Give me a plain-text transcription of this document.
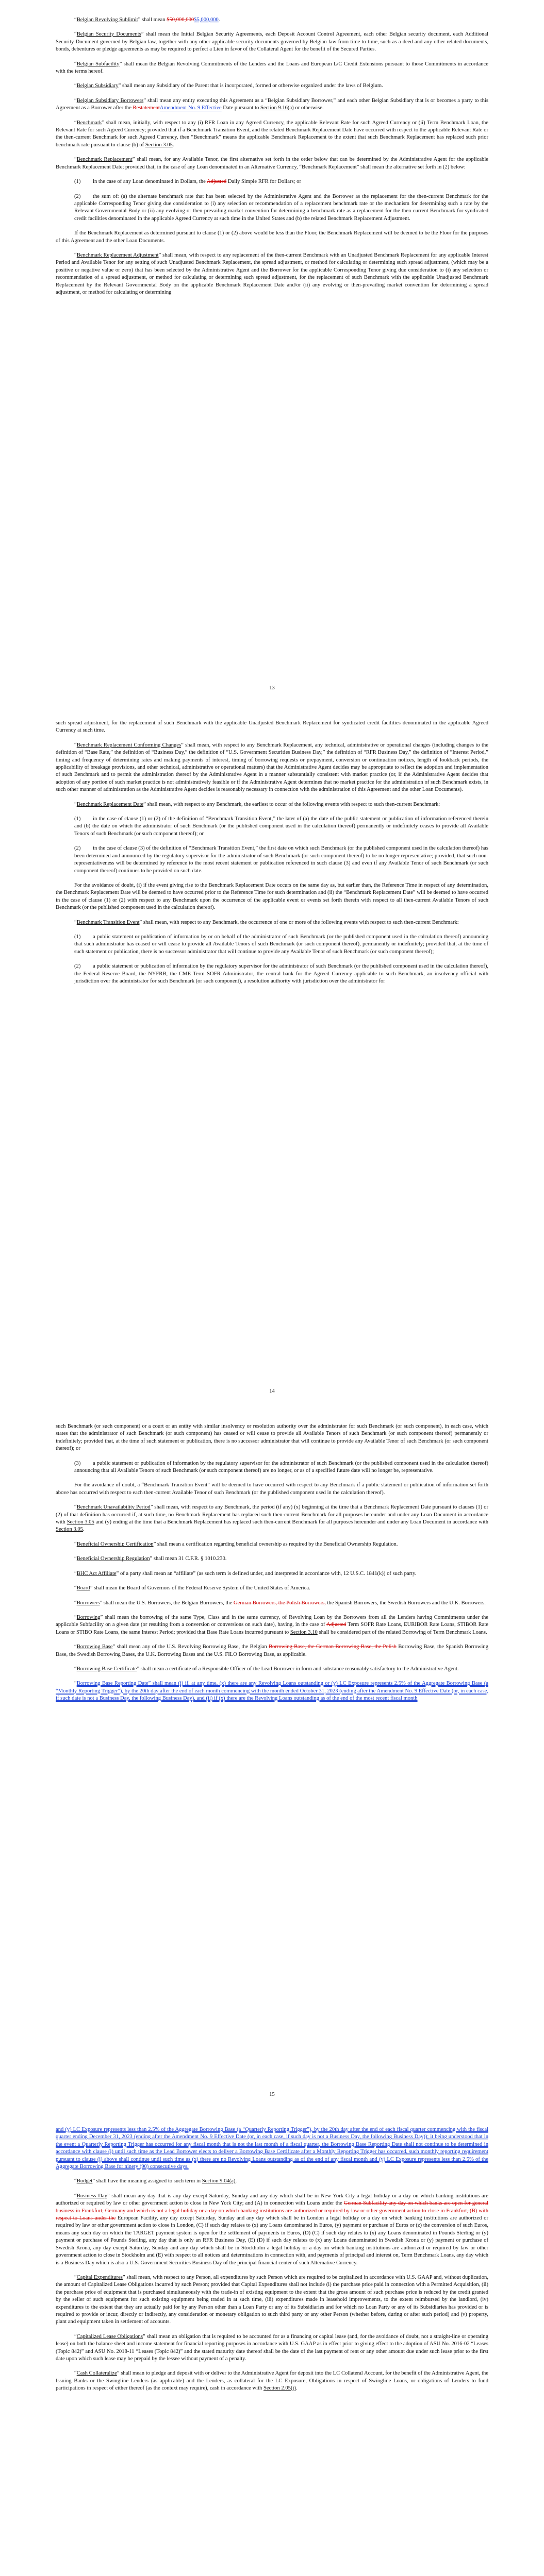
“Belgian Revolving Sublimit” shall mean $50,000,000$5,000,000.

“Belgian Security Documents” shall mean the Initial Belgian Security Agreements, each Deposit Account Control Agreement, each other Belgian security document, each Additional Security Document governed by Belgian law, together with any other applicable security documents governed by Belgian law from time to time, such as a deed and any other related documents, bonds, debentures or pledge agreements as may be required to perfect a Lien in favor of the Collateral Agent for the benefit of the Secured Parties.

“Belgian Subfacility” shall mean the Belgian Revolving Commitments of the Lenders and the Loans and European L/C Credit Extensions pursuant to those Commitments in accordance with the terms hereof.

“Belgian Subsidiary” shall mean any Subsidiary of the Parent that is incorporated, formed or otherwise organized under the laws of Belgium.

“Belgian Subsidiary Borrowers” shall mean any entity executing this Agreement as a “Belgian Subsidiary Borrower,” and each other Belgian Subsidiary that is or becomes a party to this Agreement as a Borrower after the RestatementAmendment No. 9 Effective Date pursuant to Section 9.16(a) or otherwise.

“Benchmark” shall mean, initially, with respect to any (i) RFR Loan in any Agreed Currency, the applicable Relevant Rate for such Agreed Currency or (ii) Term Benchmark Loan, the Relevant Rate for such Agreed Currency; provided that if a Benchmark Transition Event, and the related Benchmark Replacement Date have occurred with respect to the applicable Relevant Rate or the then-current Benchmark for such Agreed Currency, then “Benchmark” means the applicable Benchmark Replacement to the extent that such Benchmark Replacement has replaced such prior benchmark rate pursuant to clause (b) of Section 3.05.

“Benchmark Replacement” shall mean, for any Available Tenor, the first alternative set forth in the order below that can be determined by the Administrative Agent for the applicable Benchmark Replacement Date; provided that, in the case of any Loan denominated in an Alternative Currency, “Benchmark Replacement” shall mean the alternative set forth in (2) below:

(1) in the case of any Loan denominated in Dollars, the Adjusted Daily Simple RFR for Dollars; or

(2) the sum of: (a) the alternate benchmark rate that has been selected by the Administrative Agent and the Borrower as the replacement for the then-current Benchmark for the applicable Corresponding Tenor giving due consideration to (i) any selection or recommendation of a replacement benchmark rate or the mechanism for determining such a rate by the Relevant Governmental Body or (ii) any evolving or then-prevailing market convention for determining a benchmark rate as a replacement for the then-current Benchmark for syndicated credit facilities denominated in the applicable Agreed Currency at such time in the United States and (b) the related Benchmark Replacement Adjustment.

If the Benchmark Replacement as determined pursuant to clause (1) or (2) above would be less than the Floor, the Benchmark Replacement will be deemed to be the Floor for the purposes of this Agreement and the other Loan Documents.

“Benchmark Replacement Adjustment” shall mean, with respect to any replacement of the then-current Benchmark with an Unadjusted Benchmark Replacement for any applicable Interest Period and Available Tenor for any setting of such Unadjusted Benchmark Replacement, the spread adjustment, or method for calculating or determining such spread adjustment, (which may be a positive or negative value or zero) that has been selected by the Administrative Agent and the Borrower for the applicable Corresponding Tenor giving due consideration to (i) any selection or recommendation of a spread adjustment, or method for calculating or determining such spread adjustment, for the replacement of such Benchmark with the applicable Unadjusted Benchmark Replacement by the Relevant Governmental Body on the applicable Benchmark Replacement Date and/or (ii) any evolving or then-prevailing market convention for determining a spread adjustment, or method for calculating or determining

13

such spread adjustment, for the replacement of such Benchmark with the applicable Unadjusted Benchmark Replacement for syndicated credit facilities denominated in the applicable Agreed Currency at such time.

“Benchmark Replacement Conforming Changes” shall mean, with respect to any Benchmark Replacement, any technical, administrative or operational changes (including changes to the definition of “Base Rate,” the definition of “Business Day,” the definition of “U.S. Government Securities Business Day,” the definition of “RFR Business Day,” the definition of “Interest Period,” timing and frequency of determining rates and making payments of interest, timing of borrowing requests or prepayment, conversion or continuation notices, length of lookback periods, the applicability of breakage provisions, and other technical, administrative or operational matters) that the Administrative Agent decides may be appropriate to reflect the adoption and implementation of such Benchmark and to permit the administration thereof by the Administrative Agent in a manner substantially consistent with market practice (or, if the Administrative Agent decides that adoption of any portion of such market practice is not administratively feasible or if the Administrative Agent determines that no market practice for the administration of such Benchmark exists, in such other manner of administration as the Administrative Agent decides is reasonably necessary in connection with the administration of this Agreement and the other Loan Documents).

“Benchmark Replacement Date” shall mean, with respect to any Benchmark, the earliest to occur of the following events with respect to such then-current Benchmark:

(1) in the case of clause (1) or (2) of the definition of “Benchmark Transition Event,” the later of (a) the date of the public statement or publication of information referenced therein and (b) the date on which the administrator of such Benchmark (or the published component used in the calculation thereof) permanently or indefinitely ceases to provide all Available Tenors of such Benchmark (or such component thereof); or

(2) in the case of clause (3) of the definition of “Benchmark Transition Event,” the first date on which such Benchmark (or the published component used in the calculation thereof) has been determined and announced by the regulatory supervisor for the administrator of such Benchmark (or such component thereof) to be no longer representative; provided, that such non-representativeness will be determined by reference to the most recent statement or publication referenced in such clause (3) and even if any Available Tenor of such Benchmark (or such component thereof) continues to be provided on such date.

For the avoidance of doubt, (i) if the event giving rise to the Benchmark Replacement Date occurs on the same day as, but earlier than, the Reference Time in respect of any determination, the Benchmark Replacement Date will be deemed to have occurred prior to the Reference Time for such determination and (ii) the “Benchmark Replacement Date” will be deemed to have occurred in the case of clause (1) or (2) with respect to any Benchmark upon the occurrence of the applicable event or events set forth therein with respect to all then-current Available Tenors of such Benchmark (or the published component used in the calculation thereof).

“Benchmark Transition Event” shall mean, with respect to any Benchmark, the occurrence of one or more of the following events with respect to such then-current Benchmark:

(1) a public statement or publication of information by or on behalf of the administrator of such Benchmark (or the published component used in the calculation thereof) announcing that such administrator has ceased or will cease to provide all Available Tenors of such Benchmark (or such component thereof), permanently or indefinitely; provided that, at the time of such statement or publication, there is no successor administrator that will continue to provide any Available Tenor of such Benchmark (or such component thereof);

(2) a public statement or publication of information by the regulatory supervisor for the administrator of such Benchmark (or the published component used in the calculation thereof), the Federal Reserve Board, the NYFRB, the CME Term SOFR Administrator, the central bank for the Agreed Currency applicable to such Benchmark, an insolvency official with jurisdiction over the administrator for such Benchmark (or such component), a resolution authority with jurisdiction over the administrator for

14

such Benchmark (or such component) or a court or an entity with similar insolvency or resolution authority over the administrator for such Benchmark (or such component), in each case, which states that the administrator of such Benchmark (or such component) has ceased or will cease to provide all Available Tenors of such Benchmark (or such component thereof) permanently or indefinitely; provided that, at the time of such statement or publication, there is no successor administrator that will continue to provide any Available Tenor of such Benchmark (or such component thereof); or

(3) a public statement or publication of information by the regulatory supervisor for the administrator of such Benchmark (or the published component used in the calculation thereof) announcing that all Available Tenors of such Benchmark (or such component thereof) are no longer, or as of a specified future date will no longer be, representative.

For the avoidance of doubt, a “Benchmark Transition Event” will be deemed to have occurred with respect to any Benchmark if a public statement or publication of information set forth above has occurred with respect to each then-current Available Tenor of such Benchmark (or the published component used in the calculation thereof).

“Benchmark Unavailability Period” shall mean, with respect to any Benchmark, the period (if any) (x) beginning at the time that a Benchmark Replacement Date pursuant to clauses (1) or (2) of that definition has occurred if, at such time, no Benchmark Replacement has replaced such then-current Benchmark for all purposes hereunder and under any Loan Document in accordance with Section 3.05 and (y) ending at the time that a Benchmark Replacement has replaced such then-current Benchmark for all purposes hereunder and under any Loan Document in accordance with Section 3.05.

“Beneficial Ownership Certification” shall mean a certification regarding beneficial ownership as required by the Beneficial Ownership Regulation.

“Beneficial Ownership Regulation” shall mean 31 C.F.R. § 1010.230.

“BHC Act Affiliate” of a party shall mean an “affiliate” (as such term is defined under, and interpreted in accordance with, 12 U.S.C. 1841(k)) of such party.

“Board” shall mean the Board of Governors of the Federal Reserve System of the United States of America.

“Borrowers” shall mean the U.S. Borrowers, the Belgian Borrowers, the German Borrowers, the Polish Borrowers, the Spanish Borrowers, the Swedish Borrowers and the U.K. Borrowers.

“Borrowing” shall mean the borrowing of the same Type, Class and in the same currency, of Revolving Loan by the Borrowers from all the Lenders having Commitments under the applicable Subfacility on a given date (or resulting from a conversion or conversions on such date), having, in the case of Adjusted Term SOFR Rate Loans, EURIBOR Rate Loans, STIBOR Rate Loans or STIBO Rate Loans, the same Interest Period; provided that Base Rate Loans incurred pursuant to Section 3.10 shall be considered part of the related Borrowing of Term Benchmark Loans.

“Borrowing Base” shall mean any of the U.S. Revolving Borrowing Base, the Belgian Borrowing Base, the German Borrowing Base, the Polish Borrowing Base, the Spanish Borrowing Base, the Swedish Borrowing Bases, the U.K. Borrowing Bases and the U.S. FILO Borrowing Base, as applicable.

“Borrowing Base Certificate” shall mean a certificate of a Responsible Officer of the Lead Borrower in form and substance reasonably satisfactory to the Administrative Agent.

“Borrowing Base Reporting Date” shall mean (i) if, at any time, (x) there are any Revolving Loans outstanding or (y) LC Exposure represents 2.5% of the Aggregate Borrowing Base (a “Monthly Reporting Trigger”), by the 20th day after the end of each month commencing with the month ended October 31, 2023 (ending after the Amendment No. 9 Effective Date (or, in each case, if such date is not a Business Day, the following Business Day), and (ii) if (x) there are the Revolving Loans outstanding as of the end of the most recent fiscal month

15

and (y) LC Exposure represents less than 2.5% of the Aggregate Borrowing Base (a “Quarterly Reporting Trigger”), by the 20th day after the end of each fiscal quarter commencing with the fiscal quarter ending December 31, 2023 (ending after the Amendment No. 9 Effective Date (or, in each case, if such day is not a Business Day, the following Business Day)); it being understood that in the event a Quarterly Reporting Trigger has occurred for any fiscal month that is not the last month of a fiscal quarter, the Borrowing Base Reporting Date shall not continue to be determined in accordance with clause (i) until such time as the Lead Borrower elects to deliver a Borrowing Base Certificate after a Monthly Reporting Trigger has occurred, such monthly reporting requirement pursuant to clause (i) above shall continue until such time as (x) there are no Revolving Loans outstanding as of the end of any fiscal month and (y) LC Exposure represents less than 2.5% of the Aggregate Borrowing Base for ninety (90) consecutive days.

“Budget” shall have the meaning assigned to such term in Section 9.04(a).

“Business Day” shall mean any day that is any day except Saturday, Sunday and any day which shall be in New York City a legal holiday or a day on which banking institutions are authorized or required by law or other government action to close in New York City; and (A) in connection with Loans under the German Subfacility any day on which banks are open for general business in Frankfurt, Germany and which is not a legal holiday or a day on which banking institutions are authorized or required by law or other government action to close in Frankfurt, (B) with respect to Loans under the European Facility, any day except Saturday, Sunday and any day which shall be in London a legal holiday or a day on which banking institutions are authorized or required by law or other government action to close in London, (C) if such day relates to (x) any Loans denominated in Euros, (y) payment or purchase of Euros or (z) the conversion of such Euros, means any such day on which the TARGET payment system is open for the settlement of payments in Euros, (D) (C) if such day relates to (x) any Loans denominated in Pounds Sterling or (y) payment or purchase of Pounds Sterling, any day that is only an RFR Business Day, (E) (D) if such day relates to (x) any Loans denominated in Swedish Krona or (y) payment or purchase of Swedish Krona, any day except Saturday, Sunday and any day which shall be in Stockholm a legal holiday or a day on which banking institutions are authorized or required by law or other government action to close in Stockholm and (E) with respect to all notices and determinations in connection with, and payments of principal and interest on, Term Benchmark Loans, any day which is a Business Day which is also a U.S. Government Securities Business Day of the principal financial center of such Alternative Currency.

“Capital Expenditures” shall mean, with respect to any Person, all expenditures by such Person which are required to be capitalized in accordance with U.S. GAAP and, without duplication, the amount of Capitalized Lease Obligations incurred by such Person; provided that Capital Expenditures shall not include (i) the purchase price paid in connection with a Permitted Acquisition, (ii) the purchase price of equipment that is purchased simultaneously with the trade-in of existing equipment to the extent that the gross amount of such purchase price is reduced by the credit granted by the seller of such equipment for such existing equipment being traded in at such time, (iii) expenditures made in leasehold improvements, to the extent reimbursed by the landlord, (iv) expenditures to the extent that they are actually paid for by any Person other than a Loan Party or any of its Subsidiaries and for which no Loan Party or any of its Subsidiaries has provided or is required to provide or incur, directly or indirectly, any consideration or monetary obligation to such third party or any other Person (whether before, during or after such period) and (v) property, plant and equipment taken in settlement of accounts.

“Capitalized Lease Obligations” shall mean an obligation that is required to be accounted for as a financing or capital lease (and, for the avoidance of doubt, not a straight-line or operating lease) on both the balance sheet and income statement for financial reporting purposes in accordance with U.S. GAAP as in effect prior to giving effect to the adoption of ASU No. 2016-02 “Leases (Topic 842)” and ASU No. 2018-11 “Leases (Topic 842)” and the stated maturity date thereof shall be the date of the last payment of rent or any other amount due under such lease prior to the first date upon which such lease may be prepaid by the lessee without payment of a penalty.

“Cash Collateralize” shall mean to pledge and deposit with or deliver to the Administrative Agent for deposit into the LC Collateral Account, for the benefit of the Administrative Agent, the Issuing Banks or the Swingline Lenders (as applicable) and the Lenders, as collateral for the LC Exposure, Obligations in respect of Swingline Loans, or obligations of Lenders to fund participations in respect of either thereof (as the context may require), cash in accordance with Section 2.05(j).
